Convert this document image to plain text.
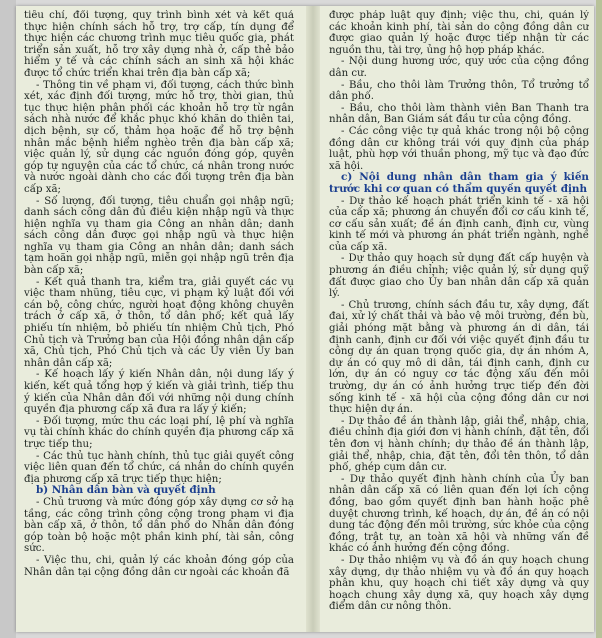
tiêu chí, đối tượng, quy trình bình xét và kết quả thực hiện chính sách hỗ trợ, trợ cấp, tín dụng để thực hiện các chương trình mục tiêu quốc gia, phát triển sản xuất, hỗ trợ xây dựng nhà ở, cấp thẻ bảo hiểm y tế và các chính sách an sinh xã hội khác được tổ chức triển khai trên địa bàn cấp xã;

- Thông tin về phạm vi, đối tượng, cách thức bình xét, xác định đối tượng, mức hỗ trợ, thời gian, thủ tục thực hiện phân phối các khoản hỗ trợ từ ngân sách nhà nước để khắc phục khó khăn do thiên tai, dịch bệnh, sự cố, thảm họa hoặc để hỗ trợ bệnh nhân mắc bệnh hiểm nghèo trên địa bàn cấp xã; việc quản lý, sử dụng các nguồn đóng góp, quyên góp tự nguyện của các tổ chức, cá nhân trong nước và nước ngoài dành cho các đối tượng trên địa bàn cấp xã;

- Số lượng, đối tượng, tiêu chuẩn gọi nhập ngũ; danh sách công dân đủ điều kiện nhập ngũ và thực hiện nghĩa vụ tham gia Công an nhân dân; danh sách công dân được gọi nhập ngũ và thực hiện nghĩa vụ tham gia Công an nhân dân; danh sách tạm hoãn gọi nhập ngũ, miễn gọi nhập ngũ trên địa bàn cấp xã;

- Kết quả thanh tra, kiểm tra, giải quyết các vụ việc tham nhũng, tiêu cực, vi phạm kỷ luật đối với cán bộ, công chức, người hoạt động không chuyên trách ở cấp xã, ở thôn, tổ dân phố; kết quả lấy phiếu tín nhiệm, bỏ phiếu tín nhiệm Chủ tịch, Phó Chủ tịch và Trưởng ban của Hội đồng nhân dân cấp xã, Chủ tịch, Phó Chủ tịch và các Ủy viên Ủy ban nhân dân cấp xã;

- Kế hoạch lấy ý kiến Nhân dân, nội dung lấy ý kiến, kết quả tổng hợp ý kiến và giải trình, tiếp thu ý kiến của Nhân dân đối với những nội dung chính quyền địa phương cấp xã đưa ra lấy ý kiến;

- Đối tượng, mức thu các loại phí, lệ phí và nghĩa vụ tài chính khác do chính quyền địa phương cấp xã trực tiếp thu;

- Các thủ tục hành chính, thủ tục giải quyết công việc liên quan đến tổ chức, cá nhân do chính quyền địa phương cấp xã trực tiếp thực hiện;

b) Nhân dân bàn và quyết định

- Chủ trương và mức đóng góp xây dựng cơ sở hạ tầng, các công trình công cộng trong phạm vi địa bàn cấp xã, ở thôn, tổ dân phố do Nhân dân đóng góp toàn bộ hoặc một phần kinh phí, tài sản, công sức.

- Việc thu, chi, quản lý các khoản đóng góp của Nhân dân tại cộng đồng dân cư ngoài các khoản đã

được pháp luật quy định; việc thu, chi, quản lý các khoản kinh phí, tài sản do cộng đồng dân cư được giao quản lý hoặc được tiếp nhận từ các nguồn thu, tài trợ, ủng hộ hợp pháp khác.

- Nội dung hương ước, quy ước của cộng đồng dân cư.

- Bầu, cho thôi làm Trưởng thôn, Tổ trưởng tổ dân phố.

- Bầu, cho thôi làm thành viên Ban Thanh tra nhân dân, Ban Giám sát đầu tư của cộng đồng.

- Các công việc tự quả khác trong nội bộ cộng đồng dân cư không trái với quy định của pháp luật, phù hợp với thuần phong, mỹ tục và đạo đức xã hội.

c) Nội dung nhân dân tham gia ý kiến trước khi cơ quan có thẩm quyền quyết định

- Dự thảo kế hoạch phát triển kinh tế - xã hội của cấp xã; phương án chuyển đổi cơ cấu kinh tế, cơ cấu sản xuất; đề án định canh, định cư, vùng kinh tế mới và phương án phát triển ngành, nghề của cấp xã.

- Dự thảo quy hoạch sử dụng đất cấp huyện và phương án điều chỉnh; việc quản lý, sử dụng quỹ đất được giao cho Ủy ban nhân dân cấp xã quản lý.

- Chủ trương, chính sách đầu tư, xây dựng, đất đai, xử lý chất thải và bảo vệ môi trường, đền bù, giải phóng mặt bằng và phương án di dân, tái định canh, định cư đối với việc quyết định đầu tư công dự án quan trọng quốc gia, dự án nhóm A, dự án có quy mô di dân, tái định canh, định cư lớn, dự án có nguy cơ tác động xấu đến môi trường, dự án có ảnh hưởng trực tiếp đến đời sống kinh tế - xã hội của cộng đồng dân cư nơi thực hiện dự án.

- Dự thảo đề án thành lập, giải thể, nhập, chia, điều chỉnh địa giới đơn vị hành chính, đặt tên, đổi tên đơn vị hành chính; dự thảo đề án thành lập, giải thể, nhập, chia, đặt tên, đổi tên thôn, tổ dân phố, ghép cụm dân cư.

- Dự thảo quyết định hành chính của Ủy ban nhân dân cấp xã có liên quan đến lợi ích cộng đồng, bao gồm quyết định ban hành hoặc phê duyệt chương trình, kế hoạch, dự án, đề án có nội dung tác động đến môi trường, sức khỏe của cộng đồng, trật tự, an toàn xã hội và những vấn đề khác có ảnh hưởng đến cộng đồng.

- Dự thảo nhiệm vụ và đồ án quy hoạch chung xây dựng, dự thảo nhiệm vụ và đồ án quy hoạch phân khu, quy hoạch chi tiết xây dựng và quy hoạch chung xây dựng xã, quy hoạch xây dựng điểm dân cư nông thôn.
